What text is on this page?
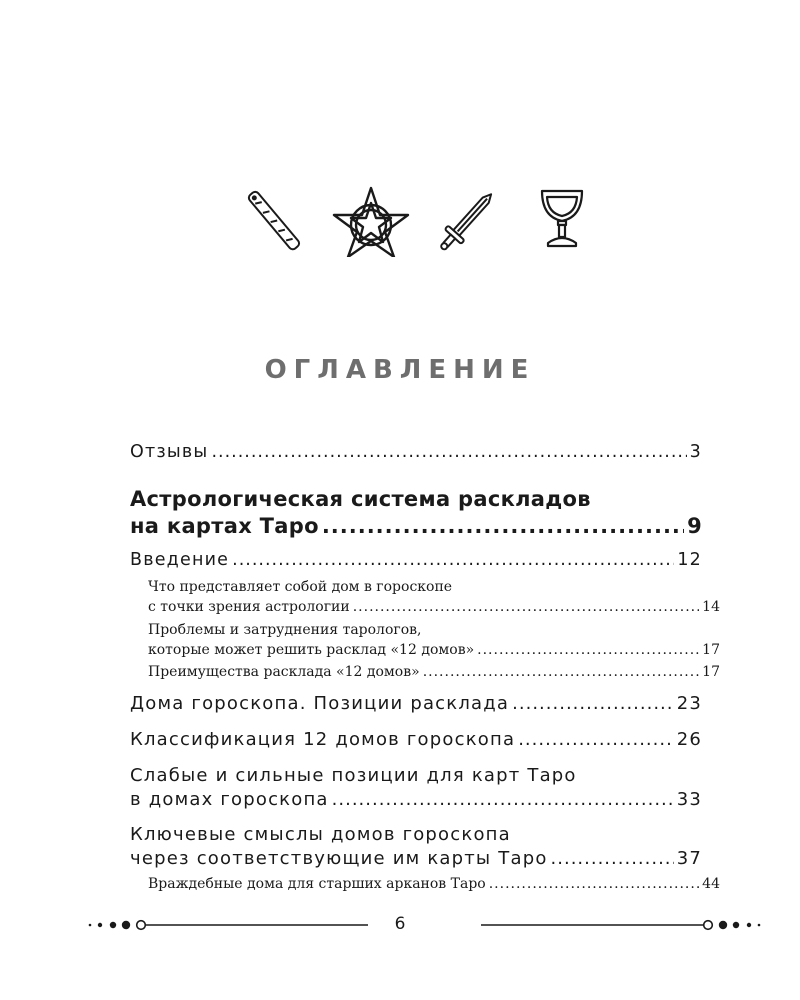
ОГЛАВЛЕНИЕ
Отзывы .....	3
Астрологическая система раскладов
на картах Таро .....	9
Введение .....	12
Что представляет собой дом в гороскопе
с точки зрения астрологии .....	14
Проблемы и затруднения тарологов,
которые может решить расклад «12 домов» .....	17
Преимущества расклада «12 домов» .....	17
Дома гороскопа. Позиции расклада .....	23
Классификация 12 домов гороскопа .....	26
Слабые и сильные позиции для карт Таро
в домах гороскопа .....	33
Ключевые смыслы домов гороскопа
через соответствующие им карты Таро .....	37
Враждебные дома для старших арканов Таро .....	44
6
